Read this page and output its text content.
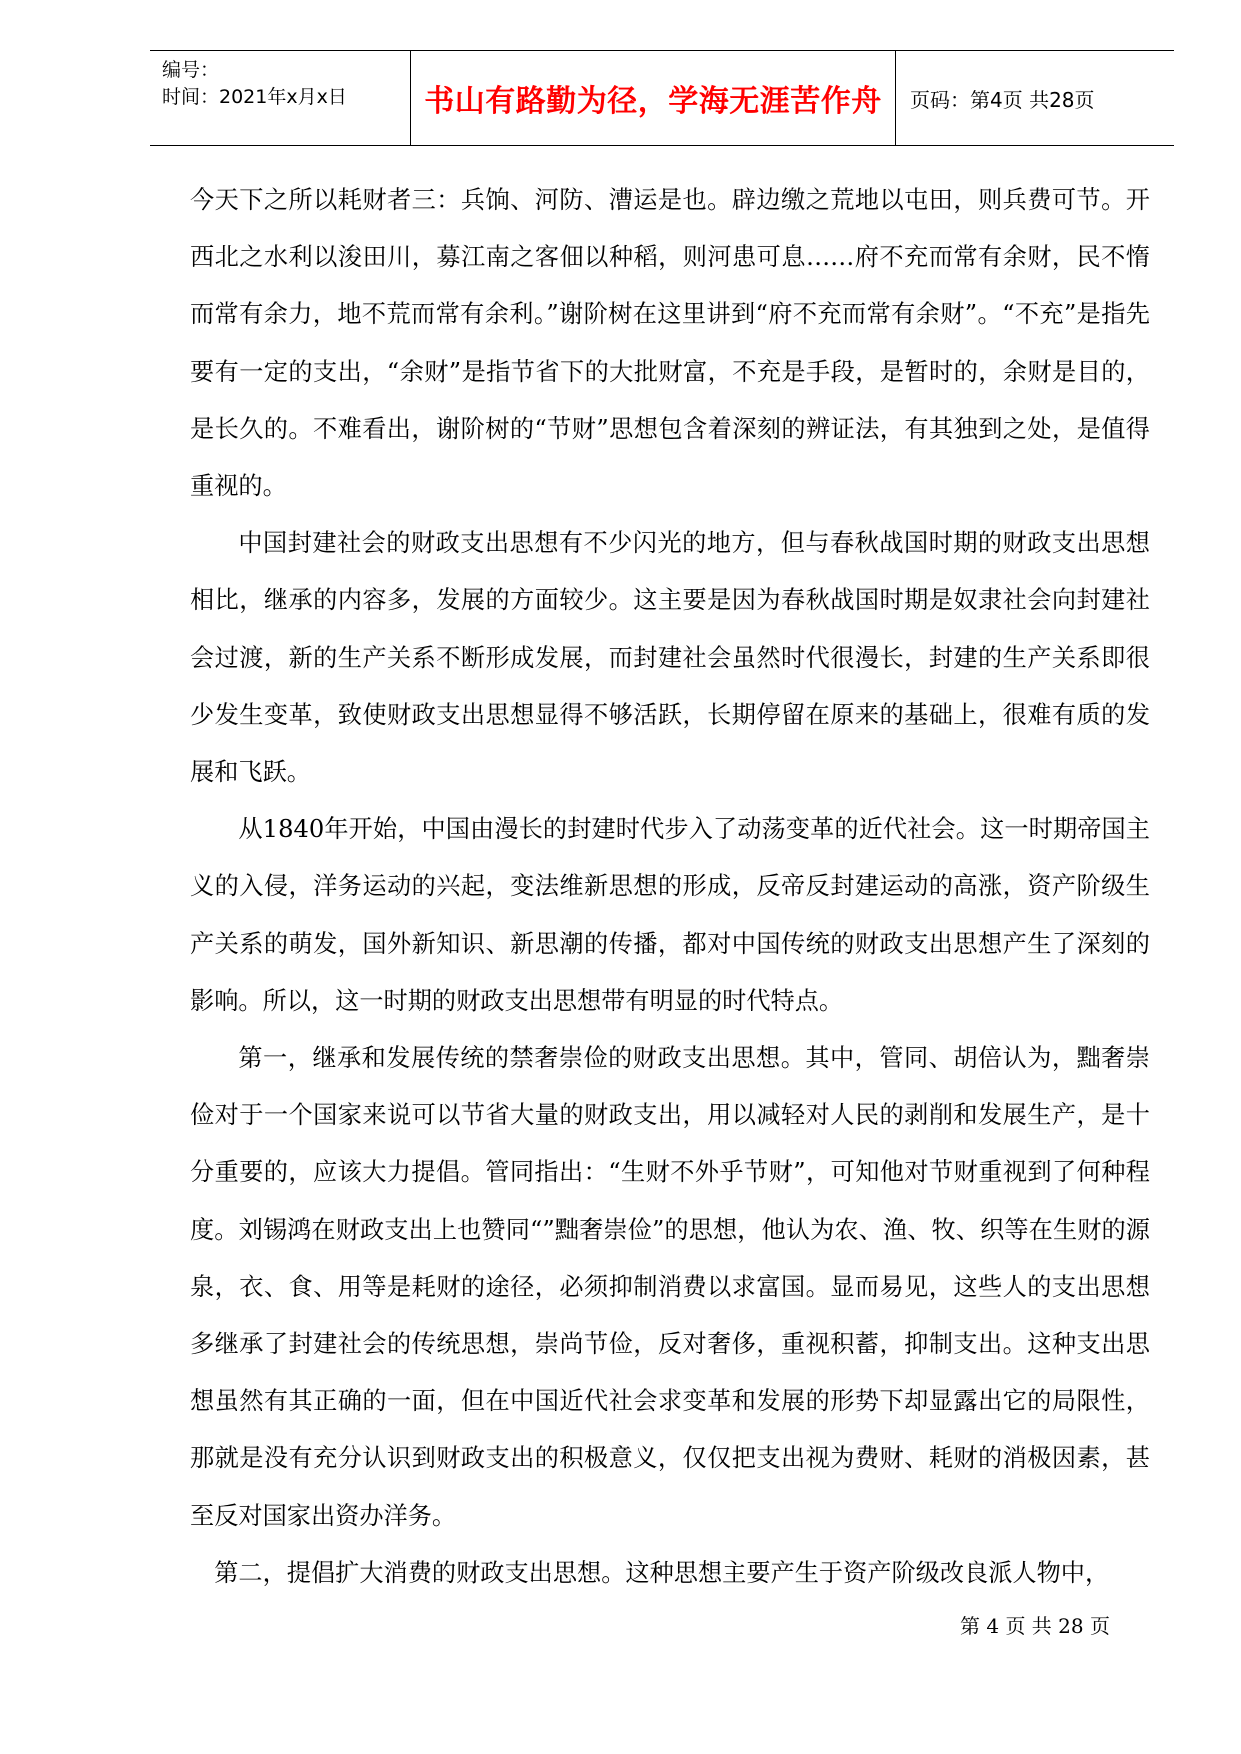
编号：
时间：2021年x月x日	书山有路勤为径，学海无涯苦作舟	页码：第4页 共28页

今天下之所以耗财者三：兵饷、河防、漕运是也。辟边缴之荒地以屯田，则兵费可节。开西北之水利以浚田川，募江南之客佃以种稻，则河患可息……府不充而常有余财，民不惰而常有余力，地不荒而常有余利。”谢阶树在这里讲到“府不充而常有余财”。“不充”是指先要有一定的支出，“余财”是指节省下的大批财富，不充是手段，是暂时的，余财是目的，是长久的。不难看出，谢阶树的“节财”思想包含着深刻的辨证法，有其独到之处，是值得重视的。

中国封建社会的财政支出思想有不少闪光的地方，但与春秋战国时期的财政支出思想相比，继承的内容多，发展的方面较少。这主要是因为春秋战国时期是奴隶社会向封建社会过渡，新的生产关系不断形成发展，而封建社会虽然时代很漫长，封建的生产关系即很少发生变革，致使财政支出思想显得不够活跃，长期停留在原来的基础上，很难有质的发展和飞跃。

从1840年开始，中国由漫长的封建时代步入了动荡变革的近代社会。这一时期帝国主义的入侵，洋务运动的兴起，变法维新思想的形成，反帝反封建运动的高涨，资产阶级生产关系的萌发，国外新知识、新思潮的传播，都对中国传统的财政支出思想产生了深刻的影响。所以，这一时期的财政支出思想带有明显的时代特点。

第一，继承和发展传统的禁奢崇俭的财政支出思想。其中，管同、胡倍认为，黜奢崇俭对于一个国家来说可以节省大量的财政支出，用以减轻对人民的剥削和发展生产，是十分重要的，应该大力提倡。管同指出：“生财不外乎节财”，可知他对节财重视到了何种程度。刘锡鸿在财政支出上也赞同“”黜奢崇俭”的思想，他认为农、渔、牧、织等在生财的源泉，衣、食、用等是耗财的途径，必须抑制消费以求富国。显而易见，这些人的支出思想多继承了封建社会的传统思想，崇尚节俭，反对奢侈，重视积蓄，抑制支出。这种支出思想虽然有其正确的一面，但在中国近代社会求变革和发展的形势下却显露出它的局限性，那就是没有充分认识到财政支出的积极意义，仅仅把支出视为费财、耗财的消极因素，甚至反对国家出资办洋务。

第二，提倡扩大消费的财政支出思想。这种思想主要产生于资产阶级改良派人物中，

第 4 页 共 28 页
